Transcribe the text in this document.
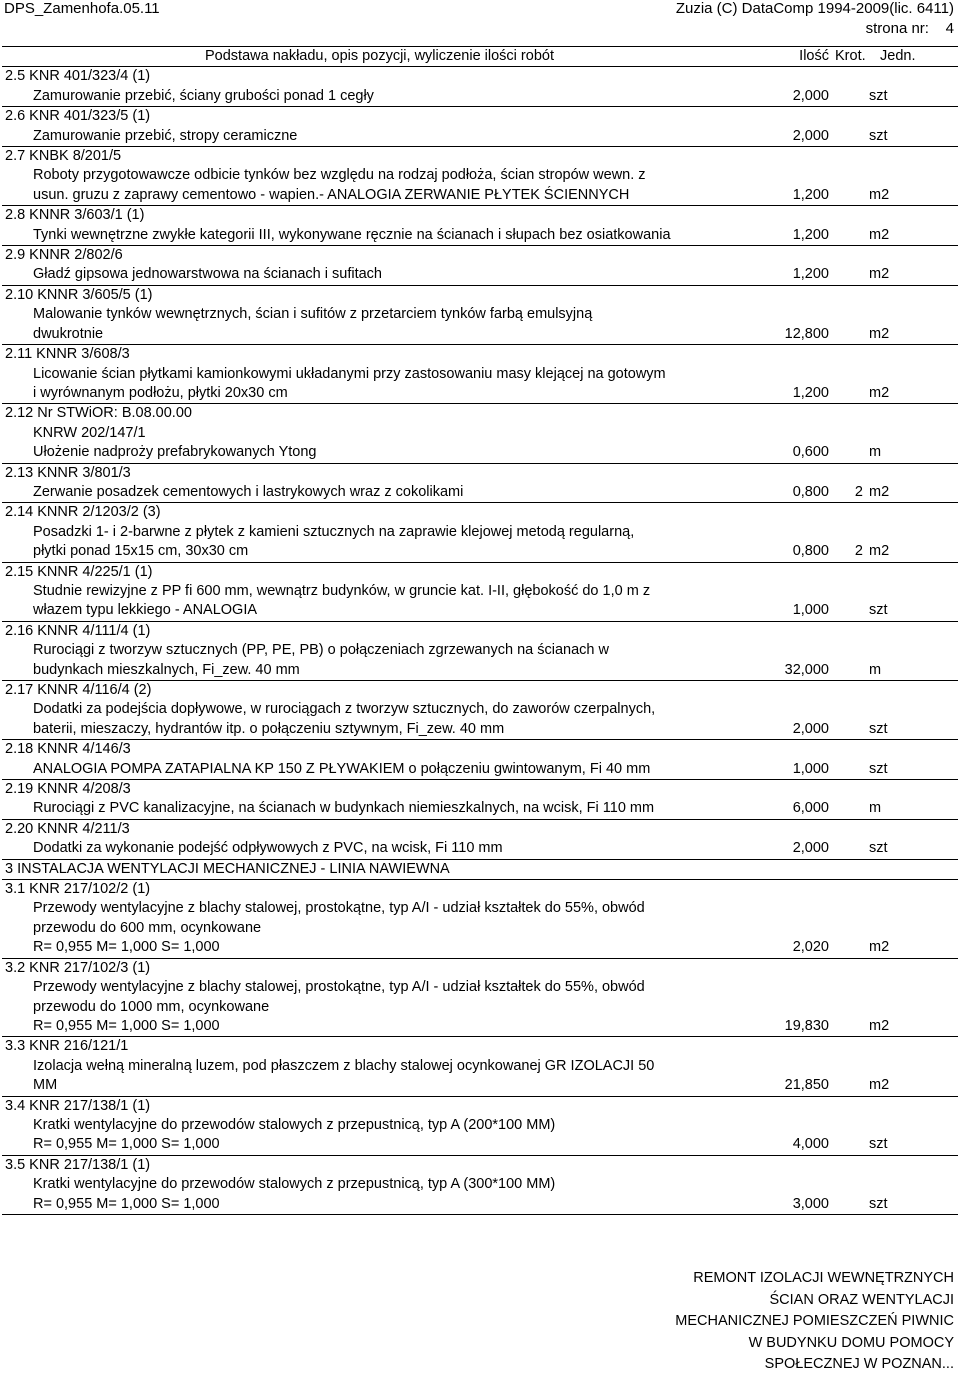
DPS_Zamenhofa.05.11	Zuzia (C) DataComp 1994-2009(lic. 6411)
strona nr: 4
Podstawa nakładu, opis pozycji, wyliczenie ilości robót	Ilość	Krot.	Jedn.
2.5 KNR 401/323/4 (1)			
Zamurowanie przebić, ściany grubości ponad 1 cegły	2,000		szt
2.6 KNR 401/323/5 (1)			
Zamurowanie przebić, stropy ceramiczne	2,000		szt
2.7 KNBK 8/201/5			
Roboty przygotowawcze odbicie tynków bez względu na rodzaj podłoża, ścian stropów wewn. z			
usun. gruzu z zaprawy cementowo - wapien.- ANALOGIA ZERWANIE PŁYTEK ŚCIENNYCH	1,200		m2
2.8 KNNR 3/603/1 (1)			
Tynki wewnętrzne zwykłe kategorii III, wykonywane ręcznie na ścianach i słupach bez osiatkowania	1,200		m2
2.9 KNNR 2/802/6			
Gładź gipsowa jednowarstwowa na ścianach i sufitach	1,200		m2
2.10 KNNR 3/605/5 (1)			
Malowanie tynków wewnętrznych, ścian i sufitów z przetarciem tynków farbą emulsyjną			
dwukrotnie	12,800		m2
2.11 KNNR 3/608/3			
Licowanie ścian płytkami kamionkowymi układanymi przy zastosowaniu masy klejącej na gotowym			
i wyrównanym podłożu, płytki 20x30 cm	1,200		m2
2.12 Nr STWiOR: B.08.00.00			
KNRW 202/147/1			
Ułożenie nadproży prefabrykowanych Ytong	0,600		m
2.13 KNNR 3/801/3			
Zerwanie posadzek cementowych i lastrykowych wraz z cokolikami	0,800	2	m2
2.14 KNNR 2/1203/2 (3)			
Posadzki 1- i 2-barwne z płytek z kamieni sztucznych na zaprawie klejowej metodą regularną,			
płytki ponad 15x15 cm, 30x30 cm	0,800	2	m2
2.15 KNNR 4/225/1 (1)			
Studnie rewizyjne z PP fi 600 mm, wewnątrz budynków, w gruncie kat. I-II, głębokość do 1,0 m z			
włazem typu lekkiego - ANALOGIA	1,000		szt
2.16 KNNR 4/111/4 (1)			
Rurociągi z tworzyw sztucznych (PP, PE, PB) o połączeniach zgrzewanych na ścianach w			
budynkach mieszkalnych, Fi_zew. 40 mm	32,000		m
2.17 KNNR 4/116/4 (2)			
Dodatki za podejścia dopływowe, w rurociągach z tworzyw sztucznych, do zaworów czerpalnych,			
baterii, mieszaczy, hydrantów itp. o połączeniu sztywnym, Fi_zew. 40 mm	2,000		szt
2.18 KNNR 4/146/3			
ANALOGIA POMPA ZATAPIALNA KP 150 Z PŁYWAKIEM o połączeniu gwintowanym, Fi 40 mm	1,000		szt
2.19 KNNR 4/208/3			
Rurociągi z PVC kanalizacyjne, na ścianach w budynkach niemieszkalnych, na wcisk, Fi 110 mm	6,000		m
2.20 KNNR 4/211/3			
Dodatki za wykonanie podejść odpływowych z PVC, na wcisk, Fi 110 mm	2,000		szt
3 INSTALACJA WENTYLACJI MECHANICZNEJ - LINIA NAWIEWNA			
3.1 KNR 217/102/2 (1)			
Przewody wentylacyjne z blachy stalowej, prostokątne, typ A/I - udział kształtek do 55%, obwód			
przewodu do 600 mm, ocynkowane			
R= 0,955 M= 1,000 S= 1,000	2,020		m2
3.2 KNR 217/102/3 (1)			
Przewody wentylacyjne z blachy stalowej, prostokątne, typ A/I - udział kształtek do 55%, obwód			
przewodu do 1000 mm, ocynkowane			
R= 0,955 M= 1,000 S= 1,000	19,830		m2
3.3 KNR 216/121/1			
Izolacja wełną mineralną luzem, pod płaszczem z blachy stalowej ocynkowanej GR IZOLACJI 50			
MM	21,850		m2
3.4 KNR 217/138/1 (1)			
Kratki wentylacyjne do przewodów stalowych z przepustnicą, typ A (200*100 MM)			
R= 0,955 M= 1,000 S= 1,000	4,000		szt
3.5 KNR 217/138/1 (1)			
Kratki wentylacyjne do przewodów stalowych z przepustnicą, typ A (300*100 MM)			
R= 0,955 M= 1,000 S= 1,000	3,000		szt
REMONT IZOLACJI WEWNĘTRZNYCH
ŚCIAN ORAZ WENTYLACJI
MECHANICZNEJ POMIESZCZEŃ PIWNIC
W BUDYNKU DOMU POMOCY
SPOŁECZNEJ W POZNAN...
